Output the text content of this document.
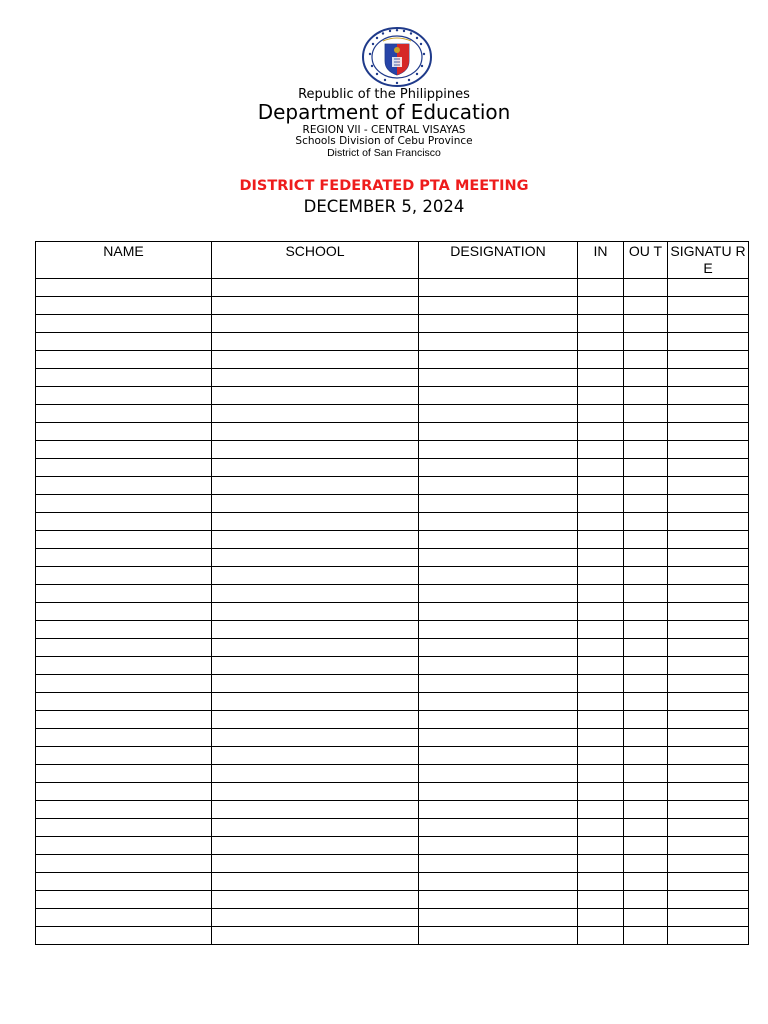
Republic of the Philippines
Department of Education
REGION VII - CENTRAL VISAYAS
Schools Division of Cebu Province
District of San Francisco
DISTRICT FEDERATED PTA MEETING
DECEMBER 5, 2024
NAME	SCHOOL	DESIGNATION	IN	OU T	SIGNATU RE
